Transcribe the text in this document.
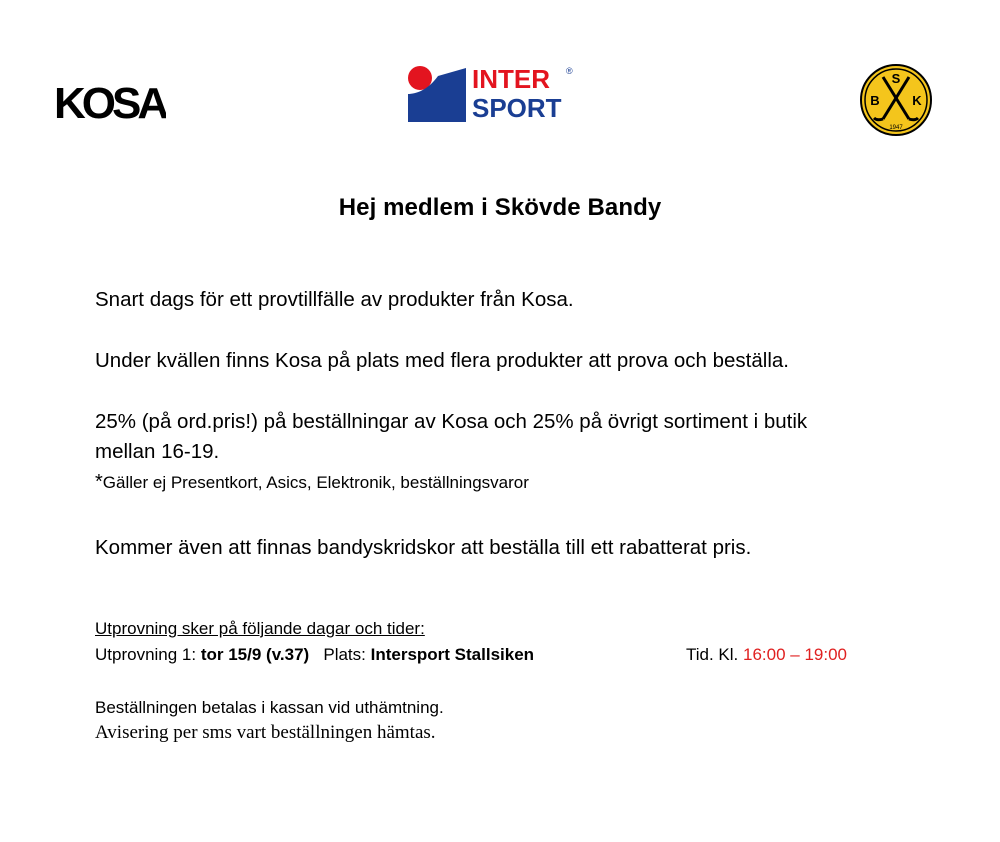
KOSA	INTER ®
SPORT
S
B	K
1947
Hej medlem i Skövde Bandy

Snart dags för ett provtillfälle av produkter från Kosa.

Under kvällen finns Kosa på plats med flera produkter att prova och beställa.

25% (på ord.pris!) på beställningar av Kosa och 25% på övrigt sortiment i butik

mellan 16-19.

*Gäller ej Presentkort, Asics, Elektronik, beställningsvaror

Kommer även att finnas bandyskridskor att beställa till ett rabatterat pris.

Utprovning sker på följande dagar och tider:
Utprovning 1: tor 15/9 (v.37) Plats: Intersport Stallsiken	Tid. Kl. 16:00 – 19:00
Beställningen betalas i kassan vid uthämtning.
Avisering per sms vart beställningen hämtas.
